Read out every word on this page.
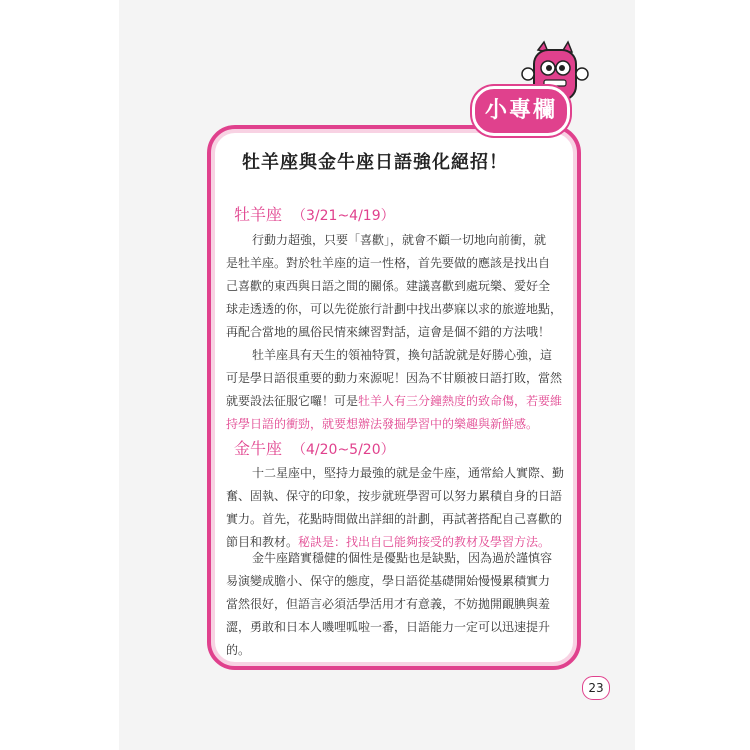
小專欄
牡羊座與金牛座日語強化絕招！
牡羊座 （3/21~4/19）
行動力超強，只要「喜歡」，就會不顧一切地向前衝，就
是牡羊座。對於牡羊座的這一性格，首先要做的應該是找出自
己喜歡的東西與日語之間的關係。建議喜歡到處玩樂、愛好全
球走透透的你，可以先從旅行計劃中找出夢寐以求的旅遊地點，
再配合當地的風俗民情來練習對話，這會是個不錯的方法哦！
牡羊座具有天生的領袖特質，換句話說就是好勝心強，這
可是學日語很重要的動力來源呢！因為不甘願被日語打敗，當然
就要設法征服它囉！可是牡羊人有三分鐘熱度的致命傷，若要維
持學日語的衝勁，就要想辦法發掘學習中的樂趣與新鮮感。
金牛座 （4/20~5/20）
十二星座中，堅持力最強的就是金牛座，通常給人實際、勤
奮、固執、保守的印象，按步就班學習可以努力累積自身的日語
實力。首先，花點時間做出詳細的計劃，再試著搭配自己喜歡的
節目和教材。秘訣是：找出自己能夠接受的教材及學習方法。
金牛座踏實穩健的個性是優點也是缺點，因為過於謹慎容
易演變成膽小、保守的態度，學日語從基礎開始慢慢累積實力
當然很好，但語言必須活學活用才有意義，不妨拋開靦腆與羞
澀，勇敢和日本人嘰哩呱啦一番，日語能力一定可以迅速提升
的。
23
